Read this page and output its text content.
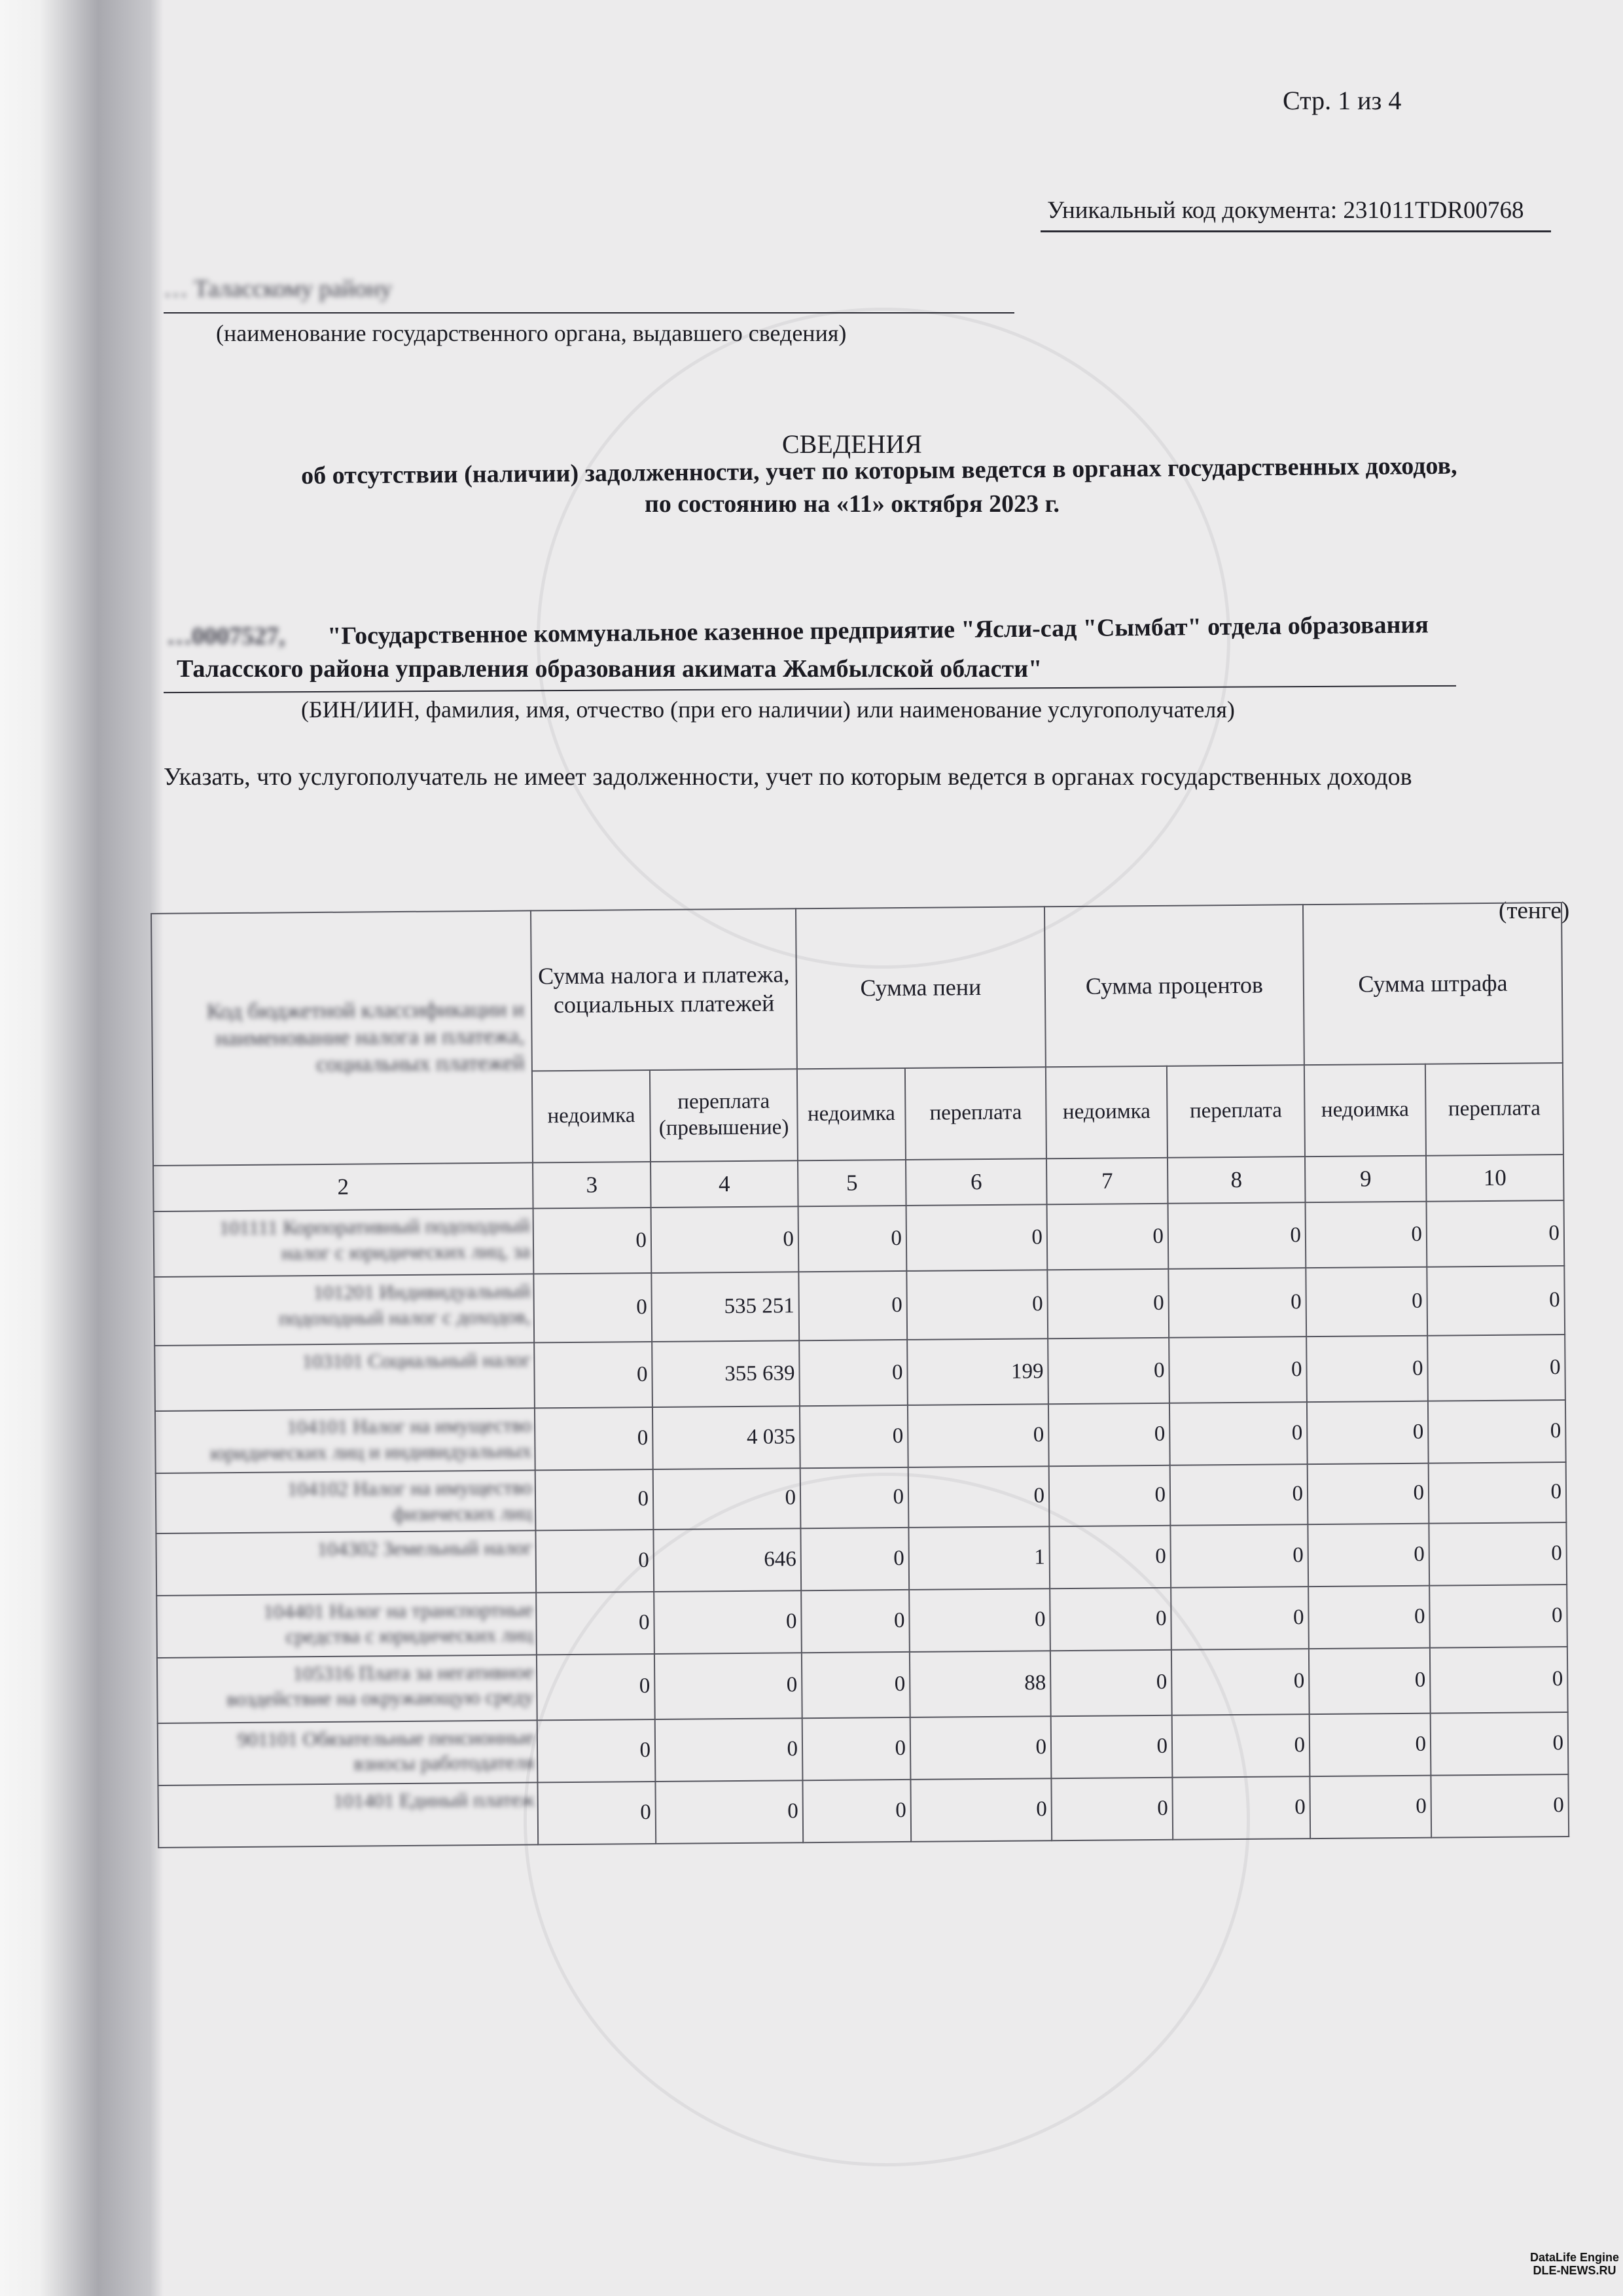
Стр. 1 из 4
Уникальный код документа: 231011TDR00768
… Таласскому району
(наименование государственного органа, выдавшего сведения)
СВЕДЕНИЯ
об отсутствии (наличии) задолженности, учет по которым ведется в органах государственных доходов,
по состоянию на «11» октября 2023 г.
…0007527, "Государственное коммунальное казенное предприятие "Ясли-сад "Сымбат" отдела образования
Таласского района управления образования акимата Жамбылской области"
(БИН/ИИН, фамилия, имя, отчество (при его наличии) или наименование услугополучателя)
Указать, что услугополучатель не имеет задолженности, учет по которым ведется в органах государственных доходов
(тенге)
Код бюджетной классификации и наименование налога и платежа, социальных платежей	Сумма налога и платежа, социальных платежей		Сумма пени		Сумма процентов		Сумма штрафа	
	недоимка	переплата (превышение)	недоимка	переплата	недоимка	переплата	недоимка	переплата
2	3	4	5	6	7	8	9	10

101111 Корпоративный подоходный
налог с юридических лиц, за	0	0	0	0	0	0	0	0

101201 Индивидуальный
подоходный налог с доходов,	0	535 251	0	0	0	0	0	0

103101 Социальный налог	0	355 639	0	199	0	0	0	0

104101 Налог на имущество
юридических лиц и индивидуальных	0	4 035	0	0	0	0	0	0

104102 Налог на имущество
физических лиц	0	0	0	0	0	0	0	0

104302 Земельный налог	0	646	0	1	0	0	0	0

104401 Налог на транспортные
средства с юридических лиц	0	0	0	0	0	0	0	0

105316 Плата за негативное
воздействие на окружающую среду	0	0	0	88	0	0	0	0

901101 Обязательные пенсионные
взносы работодателя	0	0	0	0	0	0	0	0

101401 Единый платеж	0	0	0	0	0	0	0	0
DataLife Engine
DLE-NEWS.RU
